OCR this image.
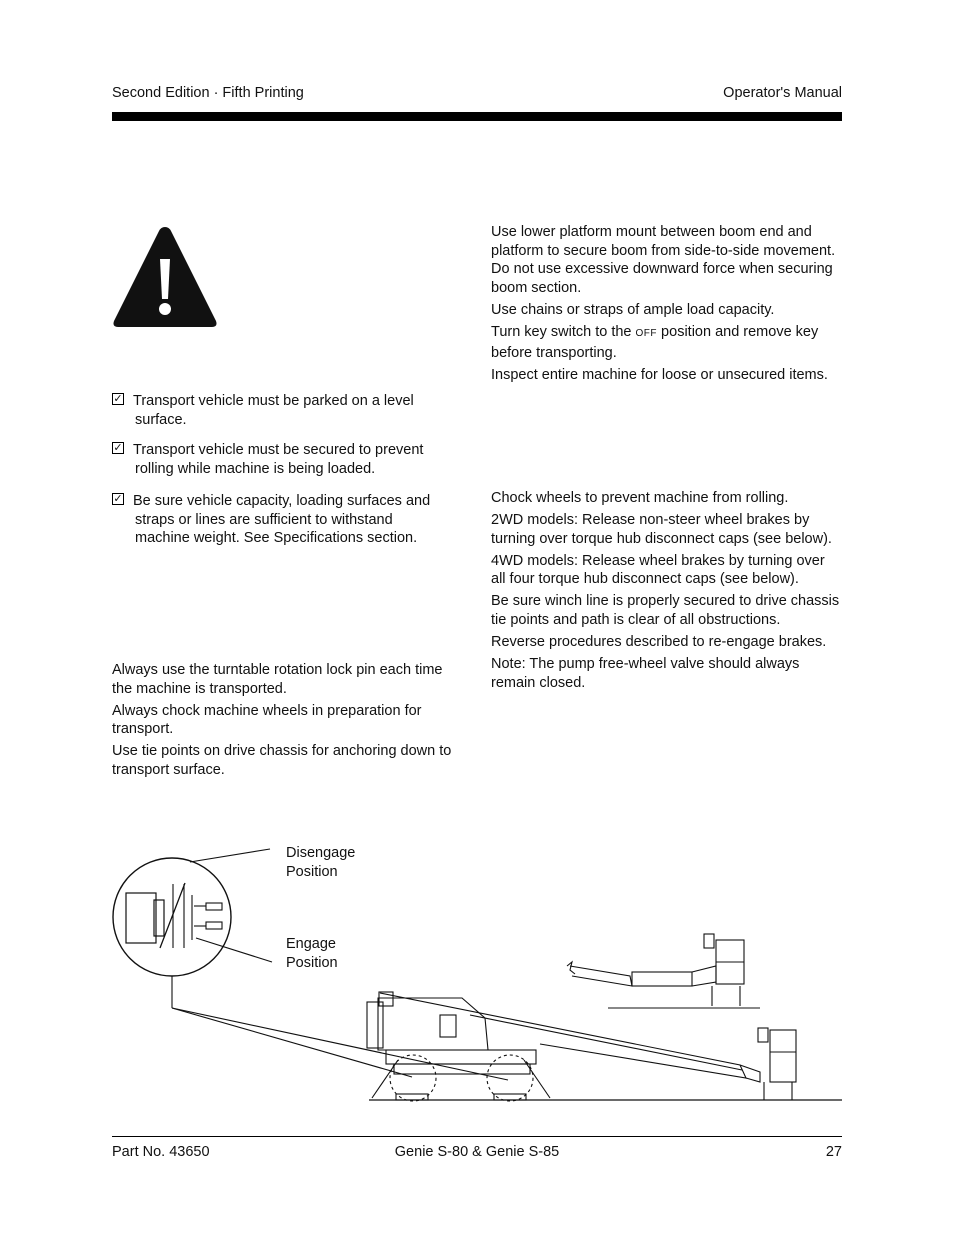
Second Edition · Fifth Printing	Operator's Manual
✓ Transport vehicle must be parked on a level
surface.
✓ Transport vehicle must be secured to prevent
rolling while machine is being loaded.
✓ Be sure vehicle capacity, loading surfaces and
straps or lines are sufficient to withstand
machine weight. See Specifications section.

Always use the turntable rotation lock pin each time the machine is transported.

Always chock machine wheels in preparation for transport.

Use tie points on drive chassis for anchoring down to transport surface.

Use lower platform mount between boom end and platform to secure boom from side-to-side movement. Do not use excessive downward force when securing boom section.

Use chains or straps of ample load capacity.

Turn key switch to the OFF position and remove key before transporting.

Inspect entire machine for loose or unsecured items.

Chock wheels to prevent machine from rolling.

2WD models: Release non-steer wheel brakes by turning over torque hub disconnect caps (see below).

4WD models: Release wheel brakes by turning over all four torque hub disconnect caps (see below).

Be sure winch line is properly secured to drive chassis tie points and path is clear of all obstructions.

Reverse procedures described to re-engage brakes.

Note: The pump free-wheel valve should always remain closed.

Disengage
Position
Engage
Position
Part No. 43650	Genie S-80 & Genie S-85	27
